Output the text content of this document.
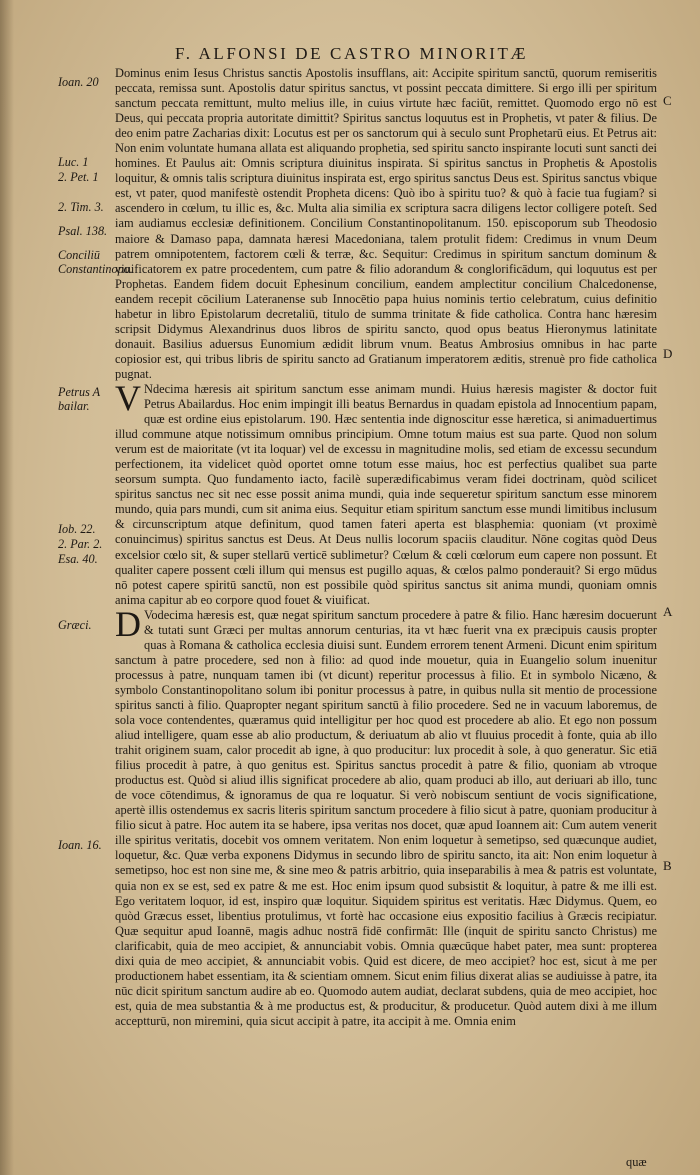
F. ALFONSI DE CASTRO MINORITÆ
Ioan. 20
Luc. 1
2. Pet. 1
2. Tim. 3.
Psal. 138.
Conciliū Constantinopo.
Petrus A bailar.
Iob. 22.
2. Par. 2.
Esa. 40.
Græci.
Ioan. 16.
C
D
A
B

Dominus enim Iesus Christus sanctis Apostolis insufflans, ait: Accipite spiritum sanctū, quorum remiseritis peccata, remissa sunt. Apostolis datur spiritus sanctus, vt possint peccata dimittere. Si ergo illi per spiritum sanctum peccata remittunt, multo melius ille, in cuius virtute hæc faciūt, remittet. Quomodo ergo nō est Deus, qui peccata propria autoritate dimittit? Spiritus sanctus loquutus est in Prophetis, vt pater & filius. De deo enim patre Zacharias dixit: Locutus est per os sanctorum qui à seculo sunt Prophetarū eius. Et Petrus ait: Non enim voluntate humana allata est aliquando prophetia, sed spiritu sancto inspirante locuti sunt sancti dei homines. Et Paulus ait: Omnis scriptura diuinitus inspirata. Si spiritus sanctus in Prophetis & Apostolis loquitur, & omnis talis scriptura diuinitus inspirata est, ergo spiritus sanctus Deus est. Spiritus sanctus vbique est, vt pater, quod manifestè ostendit Propheta dicens: Quò ibo à spiritu tuo? & quò à facie tua fugiam? si ascendero in cœlum, tu illic es, &c. Multa alia similia ex scriptura sacra diligens lector colligere poteſt. Sed iam audiamus ecclesiæ definitionem. Concilium Constantinopolitanum. 150. episcoporum sub Theodosio maiore & Damaso papa, damnata hæresi Macedoniana, talem protulit fidem: Credimus in vnum Deum patrem omnipotentem, factorem cœli & terræ, &c. Sequitur: Credimus in spiritum sanctum dominum & viuificatorem ex patre procedentem, cum patre & filio adorandum & conglorificādum, qui loquutus est per Prophetas. Eandem fidem docuit Ephesinum concilium, eandem amplectitur concilium Chalcedonense, eandem recepit cōcilium Lateranense sub Innocētio papa huius nominis tertio celebratum, cuius definitio habetur in libro Epistolarum decretaliū, titulo de summa trinitate & fide catholica. Contra hanc hæresim scripsit Didymus Alexandrinus duos libros de spiritu sancto, quod opus beatus Hieronymus latinitate donauit. Basilius aduersus Eunomium ædidit librum vnum. Beatus Ambrosius omnibus in hac parte copiosior est, qui tribus libris de spiritu sancto ad Gratianum imperatorem æditis, strenuè pro fide catholica pugnat.

V Ndecima hæresis ait spiritum sanctum esse animam mundi. Huius hæresis magister & doctor fuit Petrus Abailardus. Hoc enim impingit illi beatus Bernardus in quadam epistola ad Innocentium papam, quæ est ordine eius epistolarum. 190. Hæc sententia inde dignoscitur esse hæretica, si animaduertimus illud commune atque notissimum omnibus principium. Omne totum maius est sua parte. Quod non solum verum est de maioritate (vt ita loquar) vel de excessu in magnitudine molis, sed etiam de excessu secundum perfectionem, ita videlicet quòd oportet omne totum esse maius, hoc est perfectius qualibet sua parte seorsum sumpta. Quo fundamento iacto, facilè superædificabimus veram fidei doctrinam, quòd scilicet spiritus sanctus nec sit nec esse possit anima mundi, quia inde sequeretur spiritum sanctum esse minorem mundo, quia pars mundi, cum sit anima eius. Sequitur etiam spiritum sanctum esse mundi limitibus inclusum & circunscriptum atque definitum, quod tamen fateri aperta est blasphemia: quoniam (vt proximè conuincimus) spiritus sanctus est Deus. At Deus nullis locorum spaciis clauditur. Nōne cogitas quòd Deus excelsior cœlo sit, & super stellarū verticē sublimetur? Cœlum & cœli cœlorum eum capere non possunt. Et qualiter capere possent cœli illum qui mensus est pugillo aquas, & cœlos palmo ponderauit? Si ergo mūdus nō potest capere spiritū sanctū, non est possibile quòd spiritus sanctus sit anima mundi, quoniam omnis anima capitur ab eo corpore quod fouet & viuificat.

D Vodecima hæresis est, quæ negat spiritum sanctum procedere à patre & filio. Hanc hæresim docuerunt & tutati sunt Græci per multas annorum centurias, ita vt hæc fuerit vna ex præcipuis causis propter quas à Romana & catholica ecclesia diuisi sunt. Eundem errorem tenent Armeni. Dicunt enim spiritum sanctum à patre procedere, sed non à filio: ad quod inde mouetur, quia in Euangelio solum inuenitur processus à patre, nunquam tamen ibi (vt dicunt) reperitur processus à filio. Et in symbolo Nicæno, & symbolo Constantinopolitano solum ibi ponitur processus à patre, in quibus nulla sit mentio de processione spiritus sancti à filio. Quapropter negant spiritum sanctū à filio procedere. Sed ne in vacuum laboremus, de sola voce contendentes, quæramus quid intelligitur per hoc quod est procedere ab alio. Et ego non possum aliud intelligere, quam esse ab alio productum, & deriuatum ab alio vt fluuius procedit à fonte, quia ab illo trahit originem suam, calor procedit ab igne, à quo producitur: lux procedit à sole, à quo generatur. Sic etiā filius procedit à patre, à quo genitus est. Spiritus sanctus procedit à patre & filio, quoniam ab vtroque productus est. Quòd si aliud illis significat procedere ab alio, quam produci ab illo, aut deriuari ab illo, tunc de voce cōtendimus, & ignoramus de qua re loquatur. Si verò nobiscum sentiunt de vocis significatione, apertè illis ostendemus ex sacris literis spiritum sanctum procedere à filio sicut à patre, quoniam producitur à filio sicut à patre. Hoc autem ita se habere, ipsa veritas nos docet, quæ apud Ioannem ait: Cum autem venerit ille spiritus veritatis, docebit vos omnem veritatem. Non enim loquetur à semetipso, sed quæcunque audiet, loquetur, &c. Quæ verba exponens Didymus in secundo libro de spiritu sancto, ita ait: Non enim loquetur à semetipso, hoc est non sine me, & sine meo & patris arbitrio, quia inseparabilis à mea & patris est voluntate, quia non ex se est, sed ex patre & me est. Hoc enim ipsum quod subsistit & loquitur, à patre & me illi est. Ego veritatem loquor, id est, inspiro quæ loquitur. Siquidem spiritus est veritatis. Hæc Didymus. Quem, eo quòd Græcus esset, libentius protulimus, vt fortè hac occasione eius expositio facilius à Græcis recipiatur. Quæ sequitur apud Ioannē, magis adhuc nostrā fidē confirmāt: Ille (inquit de spiritu sancto Christus) me clarificabit, quia de meo accipiet, & annunciabit vobis. Omnia quæcūque habet pater, mea sunt: propterea dixi quia de meo accipiet, & annunciabit vobis. Quid est dicere, de meo accipiet? hoc est, sicut à me per productionem habet essentiam, ita & scientiam omnem. Sicut enim filius dixerat alias se audiuisse à patre, ita nūc dicit spiritum sanctum audire ab eo. Quomodo autem audiat, declarat subdens, quia de meo accipiet, hoc est, quia de mea substantia & à me productus est, & producitur, & producetur. Quòd autem dixi à me illum acceptturū, non miremini, quia sicut accipit à patre, ita accipit à me. Omnia enim

quæ
